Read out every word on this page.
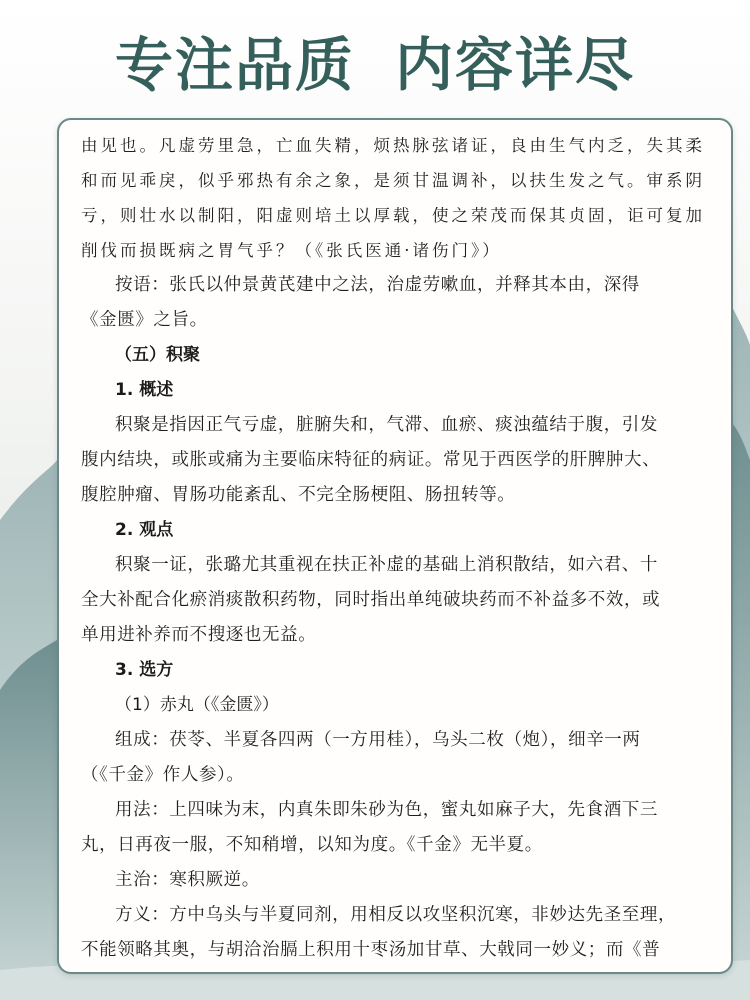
专注品质 内容详尽
由见也。凡虚劳里急，亡血失精，烦热脉弦诸证，良由生气内乏，失其柔
和而见乖戾，似乎邪热有余之象，是须甘温调补，以扶生发之气。审系阴
亏，则壮水以制阳，阳虚则培土以厚载，使之荣茂而保其贞固，讵可复加
削伐而损既病之胃气乎？（《张氏医通·诸伤门》）
按语：张氏以仲景黄芪建中之法，治虚劳嗽血，并释其本由，深得
《金匮》之旨。
（五）积聚
1. 概述
积聚是指因正气亏虚，脏腑失和，气滞、血瘀、痰浊蕴结于腹，引发
腹内结块，或胀或痛为主要临床特征的病证。常见于西医学的肝脾肿大、
腹腔肿瘤、胃肠功能紊乱、不完全肠梗阻、肠扭转等。
2. 观点
积聚一证，张璐尤其重视在扶正补虚的基础上消积散结，如六君、十
全大补配合化瘀消痰散积药物，同时指出单纯破块药而不补益多不效，或
单用进补养而不搜逐也无益。
3. 选方
（1）赤丸（《金匮》）
组成：茯苓、半夏各四两（一方用桂），乌头二枚（炮），细辛一两
（《千金》作人参）。
用法：上四味为末，内真朱即朱砂为色，蜜丸如麻子大，先食酒下三
丸，日再夜一服，不知稍增，以知为度。《千金》无半夏。
主治：寒积厥逆。
方义：方中乌头与半夏同剂，用相反以攻坚积沉寒，非妙达先圣至理，
不能领略其奥，与胡洽治膈上积用十枣汤加甘草、大戟同一妙义；而《普
